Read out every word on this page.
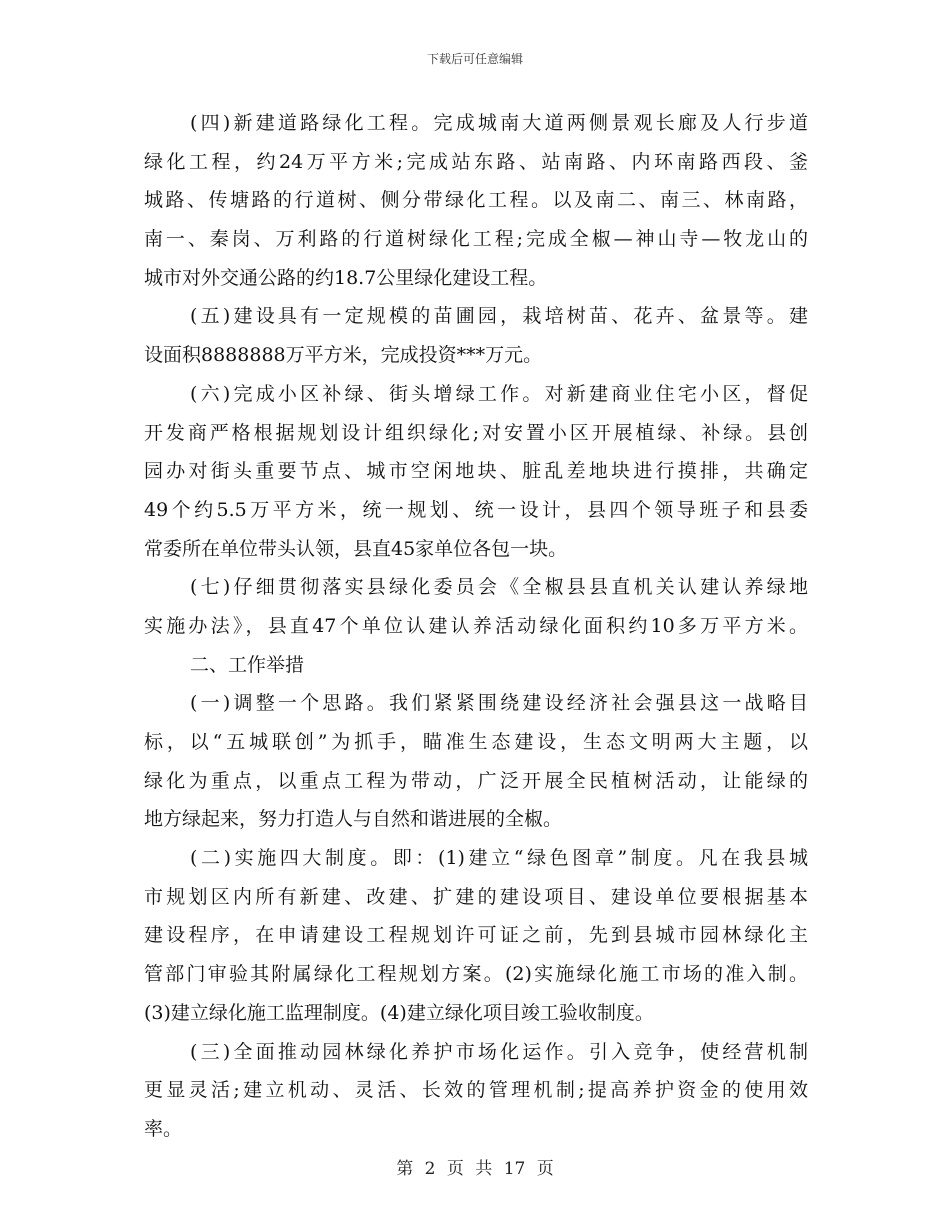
下载后可任意编辑
(四)新建道路绿化工程。完成城南大道两侧景观长廊及人行步道
绿化工程，约24万平方米;完成站东路、站南路、内环南路西段、釜
城路、传塘路的行道树、侧分带绿化工程。以及南二、南三、林南路，
南一、秦岗、万利路的行道树绿化工程;完成全椒—神山寺—牧龙山的
城市对外交通公路的约18.7公里绿化建设工程。
(五)建设具有一定规模的苗圃园，栽培树苗、花卉、盆景等。建
设面积8888888万平方米，完成投资***万元。
(六)完成小区补绿、街头增绿工作。对新建商业住宅小区，督促
开发商严格根据规划设计组织绿化;对安置小区开展植绿、补绿。县创
园办对街头重要节点、城市空闲地块、脏乱差地块进行摸排，共确定
49个约5.5万平方米，统一规划、统一设计，县四个领导班子和县委
常委所在单位带头认领，县直45家单位各包一块。
(七)仔细贯彻落实县绿化委员会《全椒县县直机关认建认养绿地
实施办法》，县直47个单位认建认养活动绿化面积约10多万平方米。
二、工作举措
(一)调整一个思路。我们紧紧围绕建设经济社会强县这一战略目
标，以“五城联创”为抓手，瞄准生态建设，生态文明两大主题，以
绿化为重点，以重点工程为带动，广泛开展全民植树活动，让能绿的
地方绿起来，努力打造人与自然和谐进展的全椒。
(二)实施四大制度。即：(1)建立“绿色图章”制度。凡在我县城
市规划区内所有新建、改建、扩建的建设项目、建设单位要根据基本
建设程序，在申请建设工程规划许可证之前，先到县城市园林绿化主
管部门审验其附属绿化工程规划方案。(2)实施绿化施工市场的准入制。
(3)建立绿化施工监理制度。(4)建立绿化项目竣工验收制度。
(三)全面推动园林绿化养护市场化运作。引入竞争，使经营机制
更显灵活;建立机动、灵活、长效的管理机制;提高养护资金的使用效
率。
第 2 页 共 17 页
